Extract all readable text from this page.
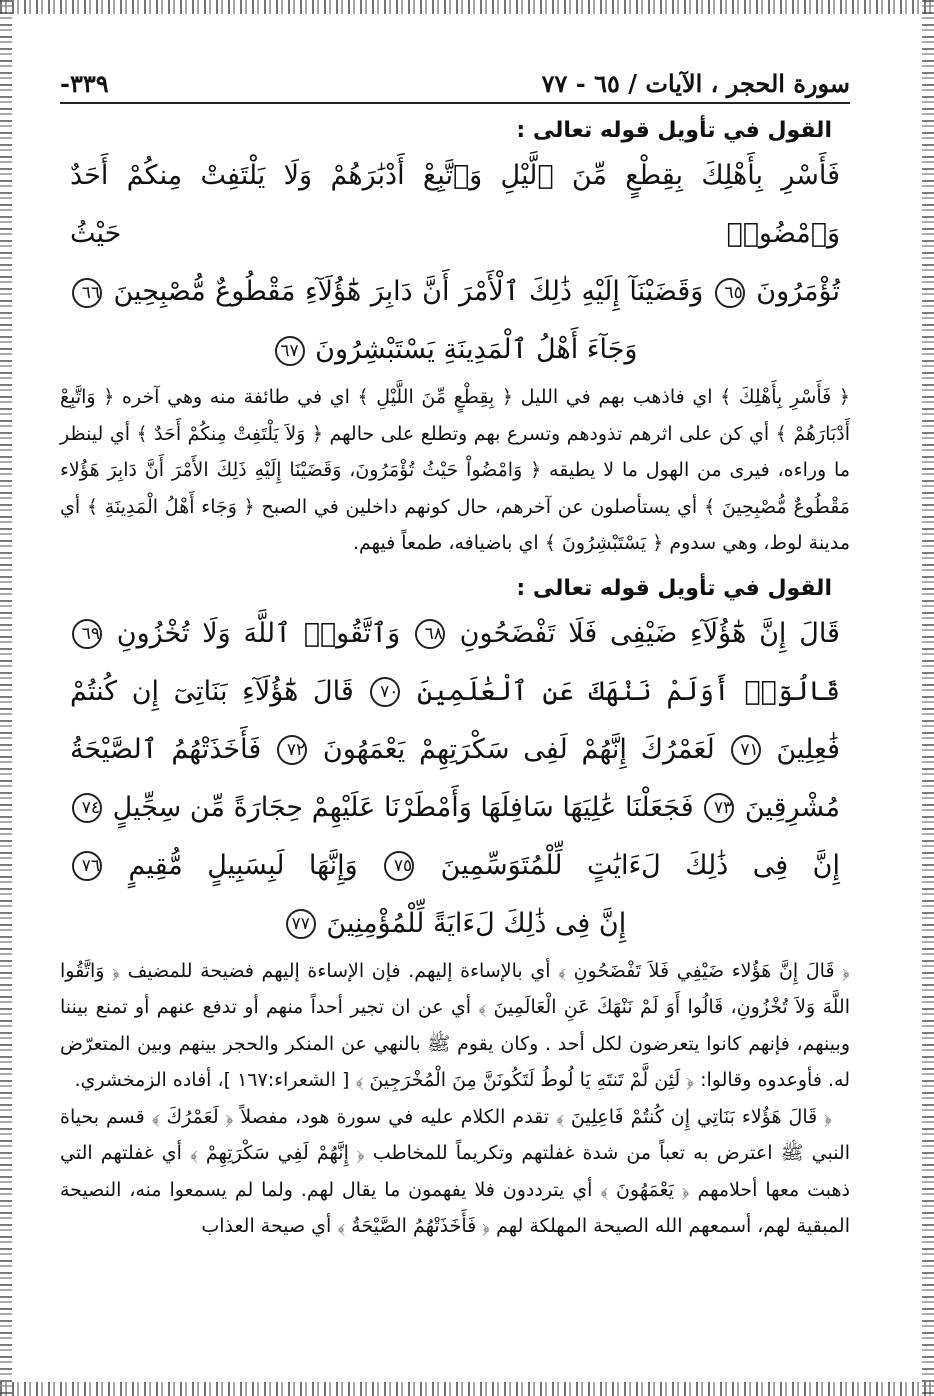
سورة الحجر ، الآيات / ٦٥ - ٧٧
-٣٣٩
القول في تأويل قوله تعالى :
فَأَسْرِ بِأَهْلِكَ بِقِطْعٍ مِّنَ ٱلَّيْلِ وَٱتَّبِعْ أَدْبَٰرَهُمْ وَلَا يَلْتَفِتْ مِنكُمْ أَحَدٌ وَٱمْضُوا۟ حَيْثُ
تُؤْمَرُونَ ٦٥ وَقَضَيْنَآ إِلَيْهِ ذَٰلِكَ ٱلْأَمْرَ أَنَّ دَابِرَ هَٰٓؤُلَآءِ مَقْطُوعٌ مُّصْبِحِينَ ٦٦
وَجَآءَ أَهْلُ ٱلْمَدِينَةِ يَسْتَبْشِرُونَ ٦٧

﴿ فَأَسْرِ بِأَهْلِكَ ﴾ اي فاذهب بهم في الليل ﴿ بِقِطْعٍ مِّنَ اللَّيْلِ ﴾ اي في طائفة منه وهي آخره ﴿ وَاتَّبِعْ أَدْبَارَهُمْ ﴾ أي كن على اثرهم تذودهم وتسرع بهم وتطلع على حالهم ﴿ وَلاَ يَلْتَفِتْ مِنكُمْ أَحَدٌ ﴾ أي لينظر ما وراءه، فيرى من الهول ما لا يطيقه ﴿ وَامْضُواْ حَيْثُ تُؤْمَرُونَ، وَقَضَيْنَا إِلَيْهِ ذَلِكَ الأَمْرَ أَنَّ دَابِرَ هَؤُلاء مَقْطُوعٌ مُّصْبِحِينَ ﴾ أي يستأصلون عن آخرهم، حال كونهم داخلين في الصبح ﴿ وَجَاء أَهْلُ الْمَدِينَةِ ﴾ أي مدينة لوط، وهي سدوم ﴿ يَسْتَبْشِرُونَ ﴾ اي باضيافه، طمعاً فيهم.

القول في تأويل قوله تعالى :
قَالَ إِنَّ هَٰٓؤُلَآءِ ضَيْفِى فَلَا تَفْضَحُونِ ٦٨ وَٱتَّقُوا۟ ٱللَّهَ وَلَا تُخْزُونِ ٦٩ قَالُوٓا۟ أَوَلَمْ نَنْهَكَ عَنِ ٱلْعَٰلَمِينَ ٧٠ قَالَ هَٰٓؤُلَآءِ بَنَاتِىٓ إِن كُنتُمْ فَٰعِلِينَ ٧١ لَعَمْرُكَ إِنَّهُمْ لَفِى سَكْرَتِهِمْ يَعْمَهُونَ ٧٢ فَأَخَذَتْهُمُ ٱلصَّيْحَةُ مُشْرِقِينَ ٧٣ فَجَعَلْنَا عَٰلِيَهَا سَافِلَهَا وَأَمْطَرْنَا عَلَيْهِمْ حِجَارَةً مِّن سِجِّيلٍ ٧٤ إِنَّ فِى ذَٰلِكَ لَءَايَٰتٍ لِّلْمُتَوَسِّمِينَ ٧٥ وَإِنَّهَا لَبِسَبِيلٍ مُّقِيمٍ ٧٦
إِنَّ فِى ذَٰلِكَ لَءَايَةً لِّلْمُؤْمِنِينَ ٧٧

﴿ قَالَ إِنَّ هَؤُلاء ضَيْفِي فَلاَ تَفْضَحُونِ ﴾ أي بالإساءة إليهم. فإن الإساءة إليهم فضيحة للمضيف ﴿ وَاتَّقُوا اللَّهَ وَلاَ تُخْزُونِ، قَالُوا أَوَ لَمْ نَنْهَكَ عَنِ الْعَالَمِينَ ﴾ أي عن ان تجير أحداً منهم أو تدفع عنهم أو تمنع بيننا وبينهم، فإنهم كانوا يتعرضون لكل أحد . وكان يقوم ﷺ بالنهي عن المنكر والحجر بينهم وبين المتعرّض له. فأوعدوه وقالوا: ﴿ لَئِن لَّمْ تَنتَهِ يَا لُوطُ لَتَكُونَنَّ مِنَ الْمُخْرَجِينَ ﴾ [ الشعراء:١٦٧ ]، أفاده الزمخشري.

﴿ قَالَ هَؤُلاء بَنَاتِي إِن كُنتُمْ فَاعِلِينَ ﴾ تقدم الكلام عليه في سورة هود، مفصلاً ﴿ لَعَمْرُكَ ﴾ قسم بحياة النبي ﷺ اعترض به تعباً من شدة غفلتهم وتكريماً للمخاطب ﴿ إِنَّهُمْ لَفِي سَكْرَتِهِمْ ﴾ أي غفلتهم التي ذهبت معها أحلامهم ﴿ يَعْمَهُونَ ﴾ أي يترددون فلا يفهمون ما يقال لهم. ولما لم يسمعوا منه، النصيحة المبقية لهم، أسمعهم الله الصيحة المهلكة لهم ﴿ فَأَخَذَتْهُمُ الصَّيْحَةُ ﴾ أي صيحة العذاب
